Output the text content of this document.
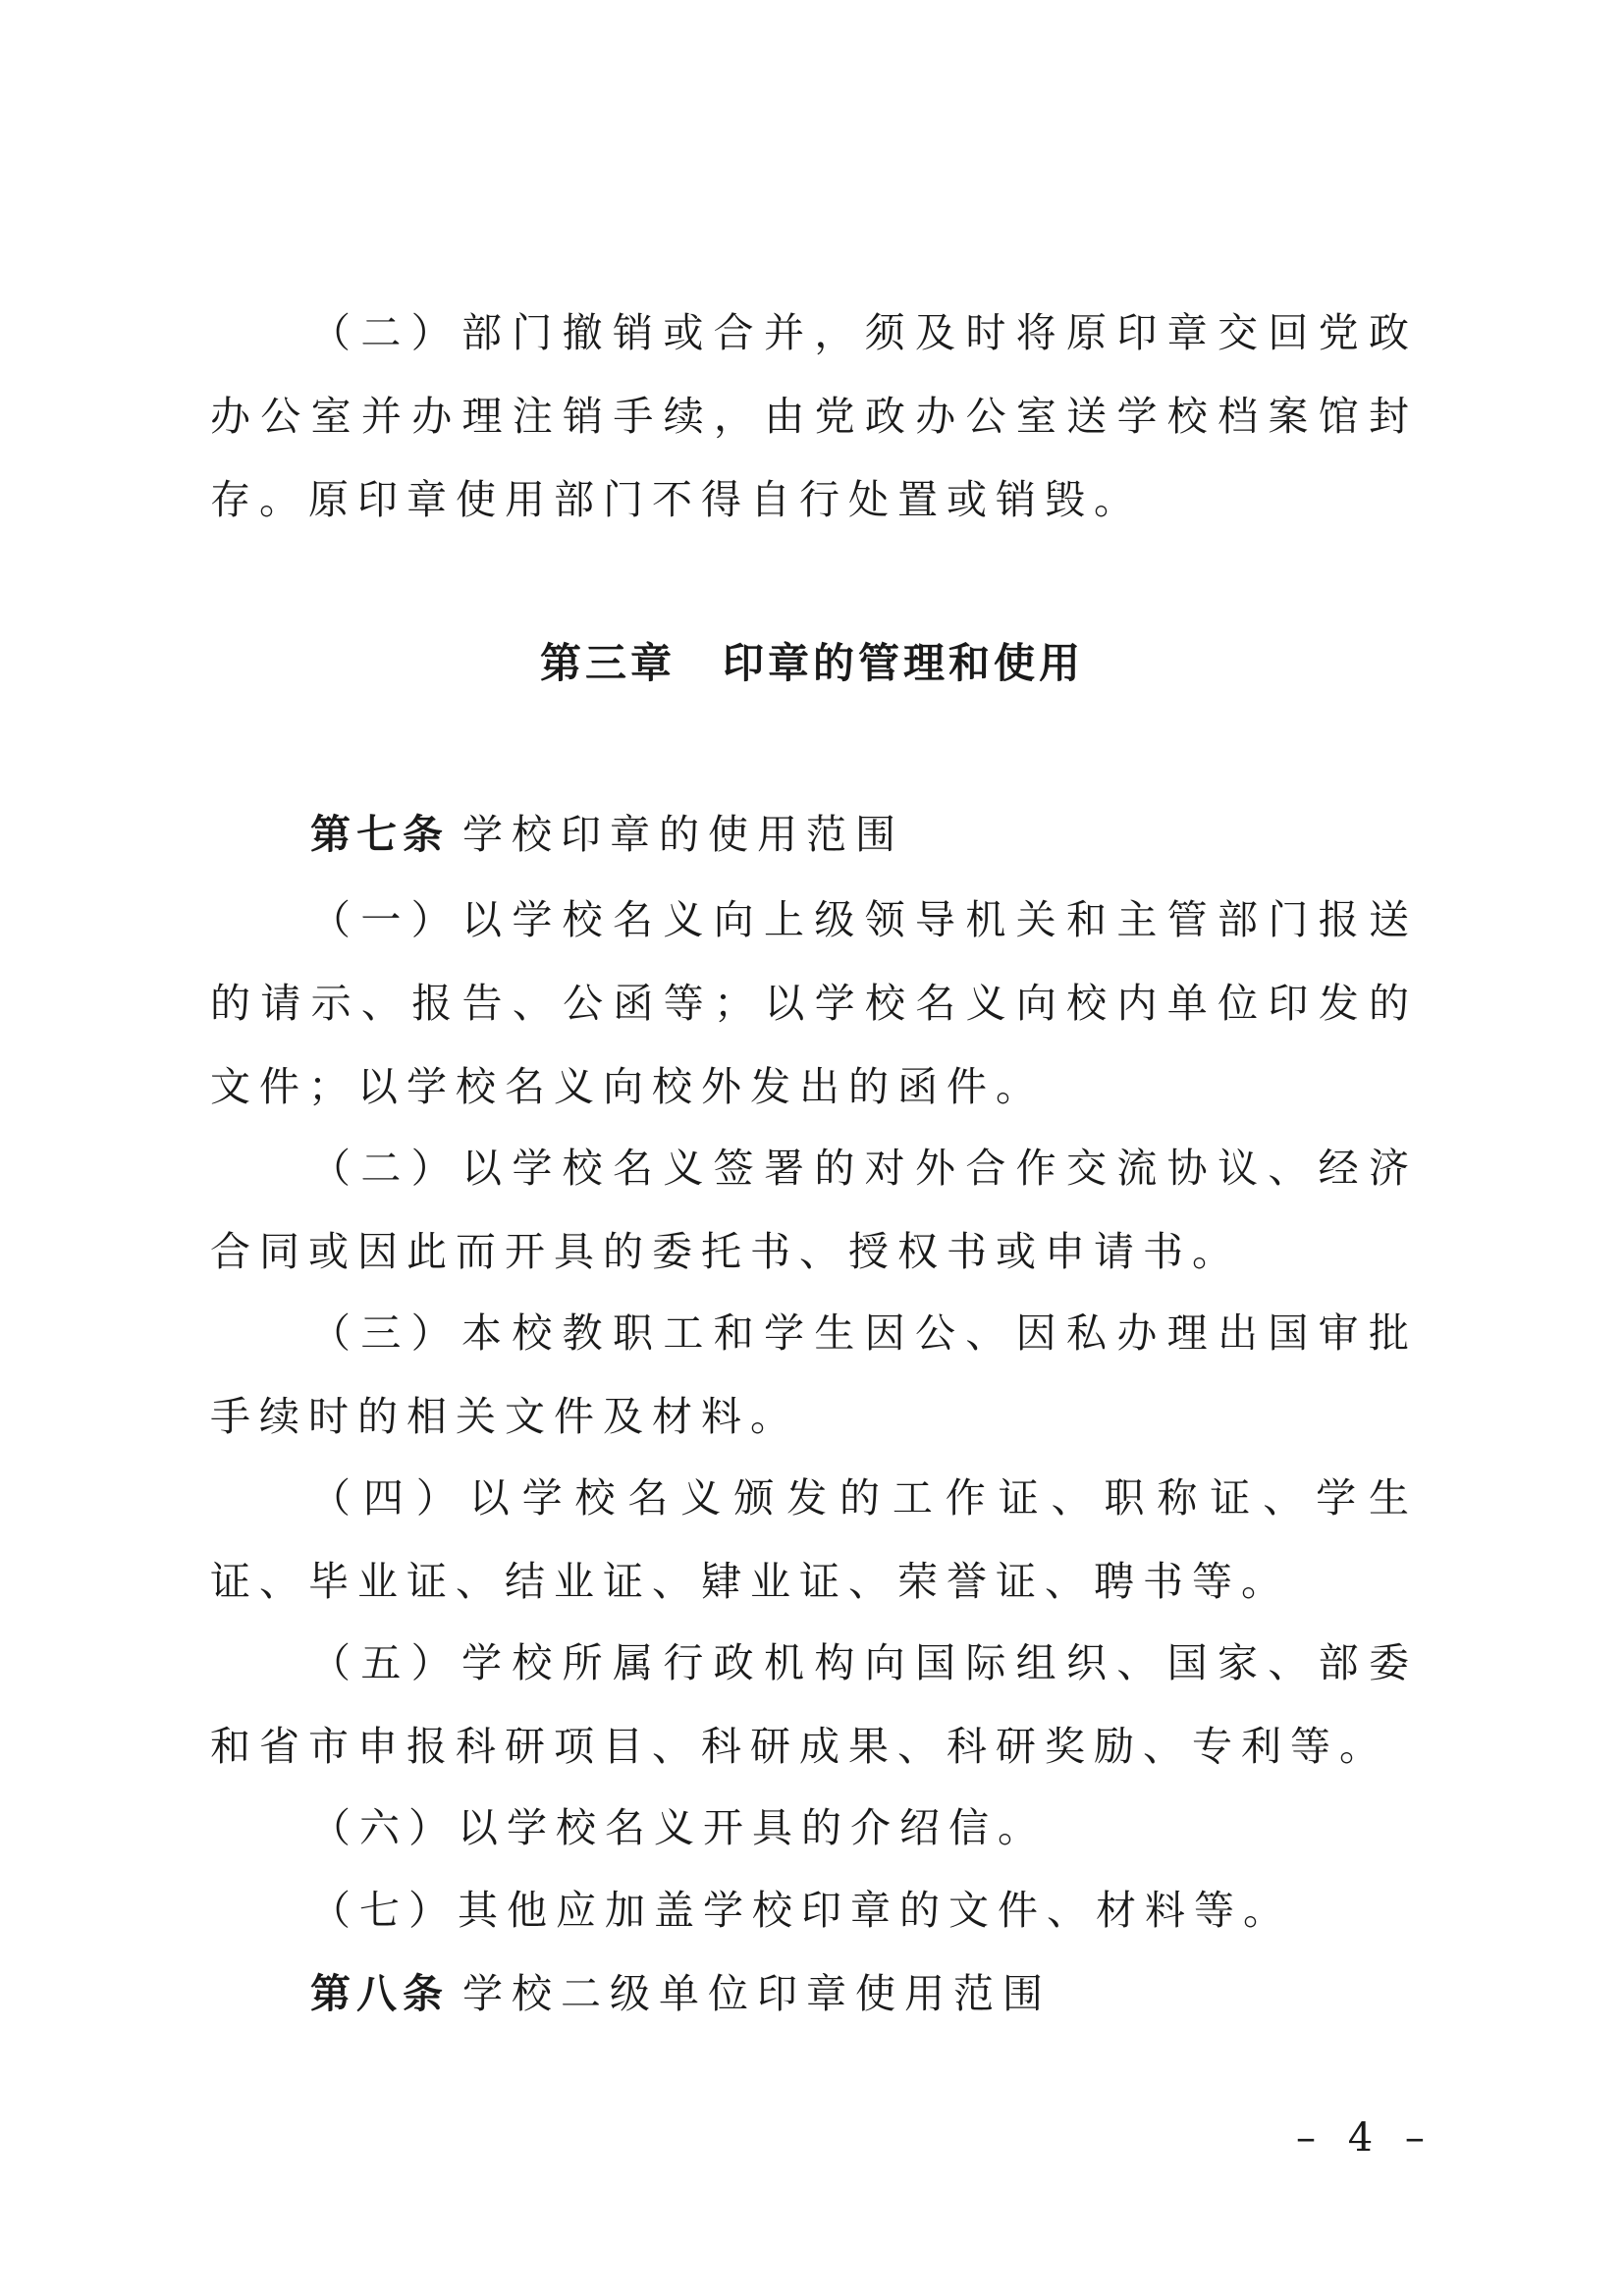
（二）部门撤销或合并，须及时将原印章交回党政办公室并办理注销手续，由党政办公室送学校档案馆封存。原印章使用部门不得自行处置或销毁。

第三章 印章的管理和使用

第七条 学校印章的使用范围

（一）以学校名义向上级领导机关和主管部门报送的请示、报告、公函等；以学校名义向校内单位印发的文件；以学校名义向校外发出的函件。

（二）以学校名义签署的对外合作交流协议、经济合同或因此而开具的委托书、授权书或申请书。

（三）本校教职工和学生因公、因私办理出国审批手续时的相关文件及材料。

（四）以学校名义颁发的工作证、职称证、学生证、毕业证、结业证、肄业证、荣誉证、聘书等。

（五）学校所属行政机构向国际组织、国家、部委和省市申报科研项目、科研成果、科研奖励、专利等。

（六）以学校名义开具的介绍信。

（七）其他应加盖学校印章的文件、材料等。

第八条 学校二级单位印章使用范围

– 4 –
